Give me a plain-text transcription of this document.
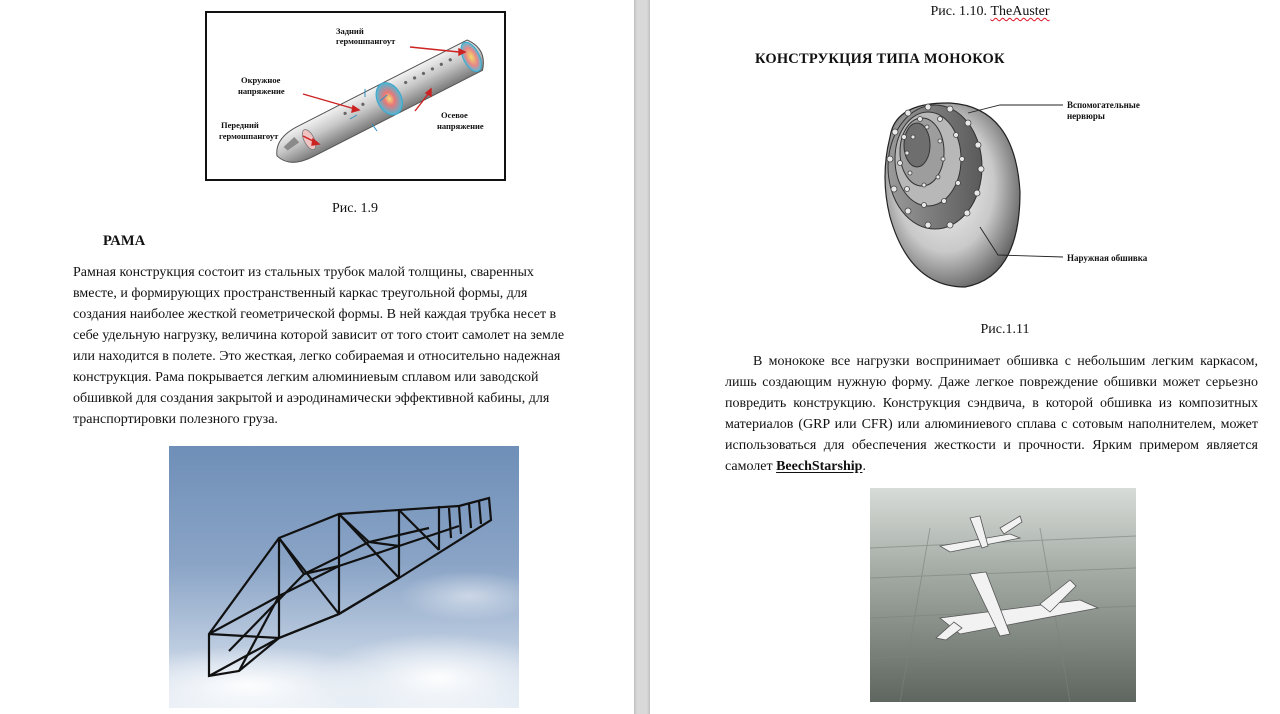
Задний
гермошпангоут
Окружное
напряжение
Передний
гермошпангоут
Осевое
напряжение
Рис. 1.9
РАМА
Рамная конструкция состоит из стальных трубок малой толщины, сваренных
вместе, и формирующих пространственный каркас треугольной формы, для
создания наиболее жесткой геометрической формы. В ней каждая трубка несет в
себе удельную нагрузку, величина которой зависит от того стоит самолет на земле
или находится в полете. Это жесткая, легко собираемая и относительно надежная
конструкция. Рама покрывается легким алюминиевым сплавом или заводской
обшивкой для создания закрытой и аэродинамически эффективной кабины, для
транспортировки полезного груза.
Рис. 1.10. TheAuster
КОНСТРУКЦИЯ ТИПА МОНОКОК
Вспомогательные
нервюры
Наружная обшивка
Рис.1.11

В монококе все нагрузки воспринимает обшивка с небольшим легким каркасом, лишь создающим нужную форму. Даже легкое повреждение обшивки может серьезно повредить конструкцию. Конструкция сэндвича, в которой обшивка из композитных материалов (GRP или CFR) или алюминиевого сплава с сотовым наполнителем, может использоваться для обеспечения жесткости и прочности. Ярким примером является самолет BeechStarship.
